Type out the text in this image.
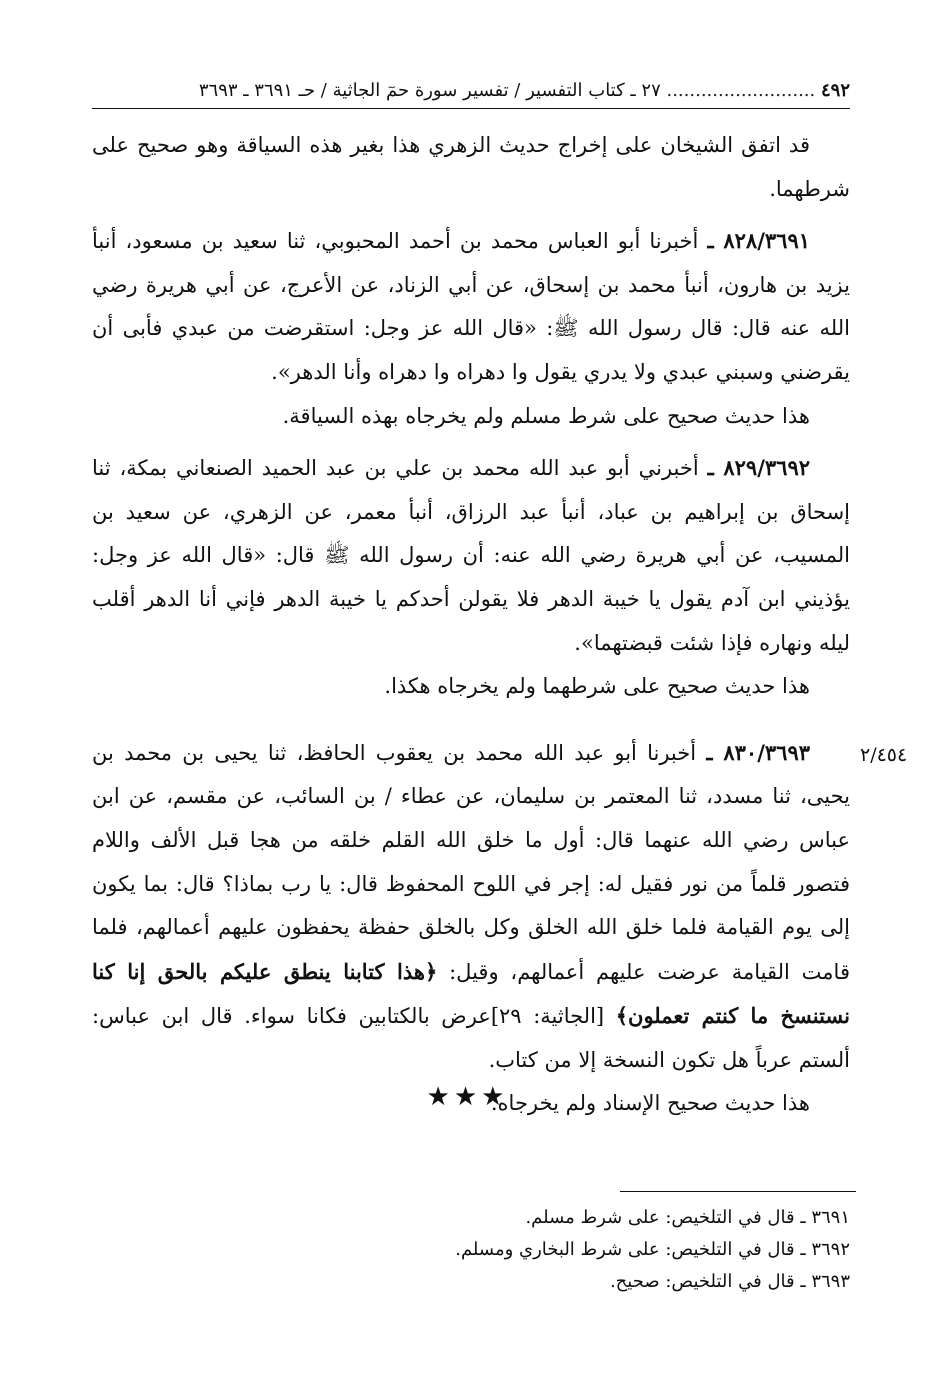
٤٩٢ .......................... ٢٧ ـ كتاب التفسير / تفسير سورة حمٓ الجاثية / حـ ٣٦٩١ ـ ٣٦٩٣

قد اتفق الشيخان على إخراج حديث الزهري هذا بغير هذه السياقة وهو صحيح على شرطهما.

٨٢٨/٣٦٩١ ـ أخبرنا أبو العباس محمد بن أحمد المحبوبي، ثنا سعيد بن مسعود، أنبأ يزيد بن هارون، أنبأ محمد بن إسحاق، عن أبي الزناد، عن الأعرج، عن أبي هريرة رضي الله عنه قال: قال رسول الله ﷺ: «قال الله عز وجل: استقرضت من عبدي فأبى أن يقرضني وسبني عبدي ولا يدري يقول وا دهراه وا دهراه وأنا الدهر».

هذا حديث صحيح على شرط مسلم ولم يخرجاه بهذه السياقة.

٨٢٩/٣٦٩٢ ـ أخبرني أبو عبد الله محمد بن علي بن عبد الحميد الصنعاني بمكة، ثنا إسحاق بن إبراهيم بن عباد، أنبأ عبد الرزاق، أنبأ معمر، عن الزهري، عن سعيد بن المسيب، عن أبي هريرة رضي الله عنه: أن رسول الله ﷺ قال: «قال الله عز وجل: يؤذيني ابن آدم يقول يا خيبة الدهر فلا يقولن أحدكم يا خيبة الدهر فإني أنا الدهر أقلب ليله ونهاره فإذا شئت قبضتهما».

هذا حديث صحيح على شرطهما ولم يخرجاه هكذا.

٨٣٠/٣٦٩٣ ـ أخبرنا أبو عبد الله محمد بن يعقوب الحافظ، ثنا يحيى بن محمد بن يحيى، ثنا مسدد، ثنا المعتمر بن سليمان، عن عطاء / بن السائب، عن مقسم، عن ابن عباس رضي الله عنهما قال: أول ما خلق الله القلم خلقه من هجا قبل الألف واللام فتصور قلماً من نور فقيل له: إجر في اللوح المحفوظ قال: يا رب بماذا؟ قال: بما يكون إلى يوم القيامة فلما خلق الله الخلق وكل بالخلق حفظة يحفظون عليهم أعمالهم، فلما قامت القيامة عرضت عليهم أعمالهم، وقيل: ﴿هذا كتابنا ينطق عليكم بالحق إنا كنا نستنسخ ما كنتم تعملون﴾ [الجاثية: ٢٩]عرض بالكتابين فكانا سواء. قال ابن عباس: ألستم عرباً هل تكون النسخة إلا من كتاب.

هذا حديث صحيح الإسناد ولم يخرجاه.

٢/٤٥٤
★★★

٣٦٩١ ـ قال في التلخيص: على شرط مسلم.

٣٦٩٢ ـ قال في التلخيص: على شرط البخاري ومسلم.

٣٦٩٣ ـ قال في التلخيص: صحيح.
